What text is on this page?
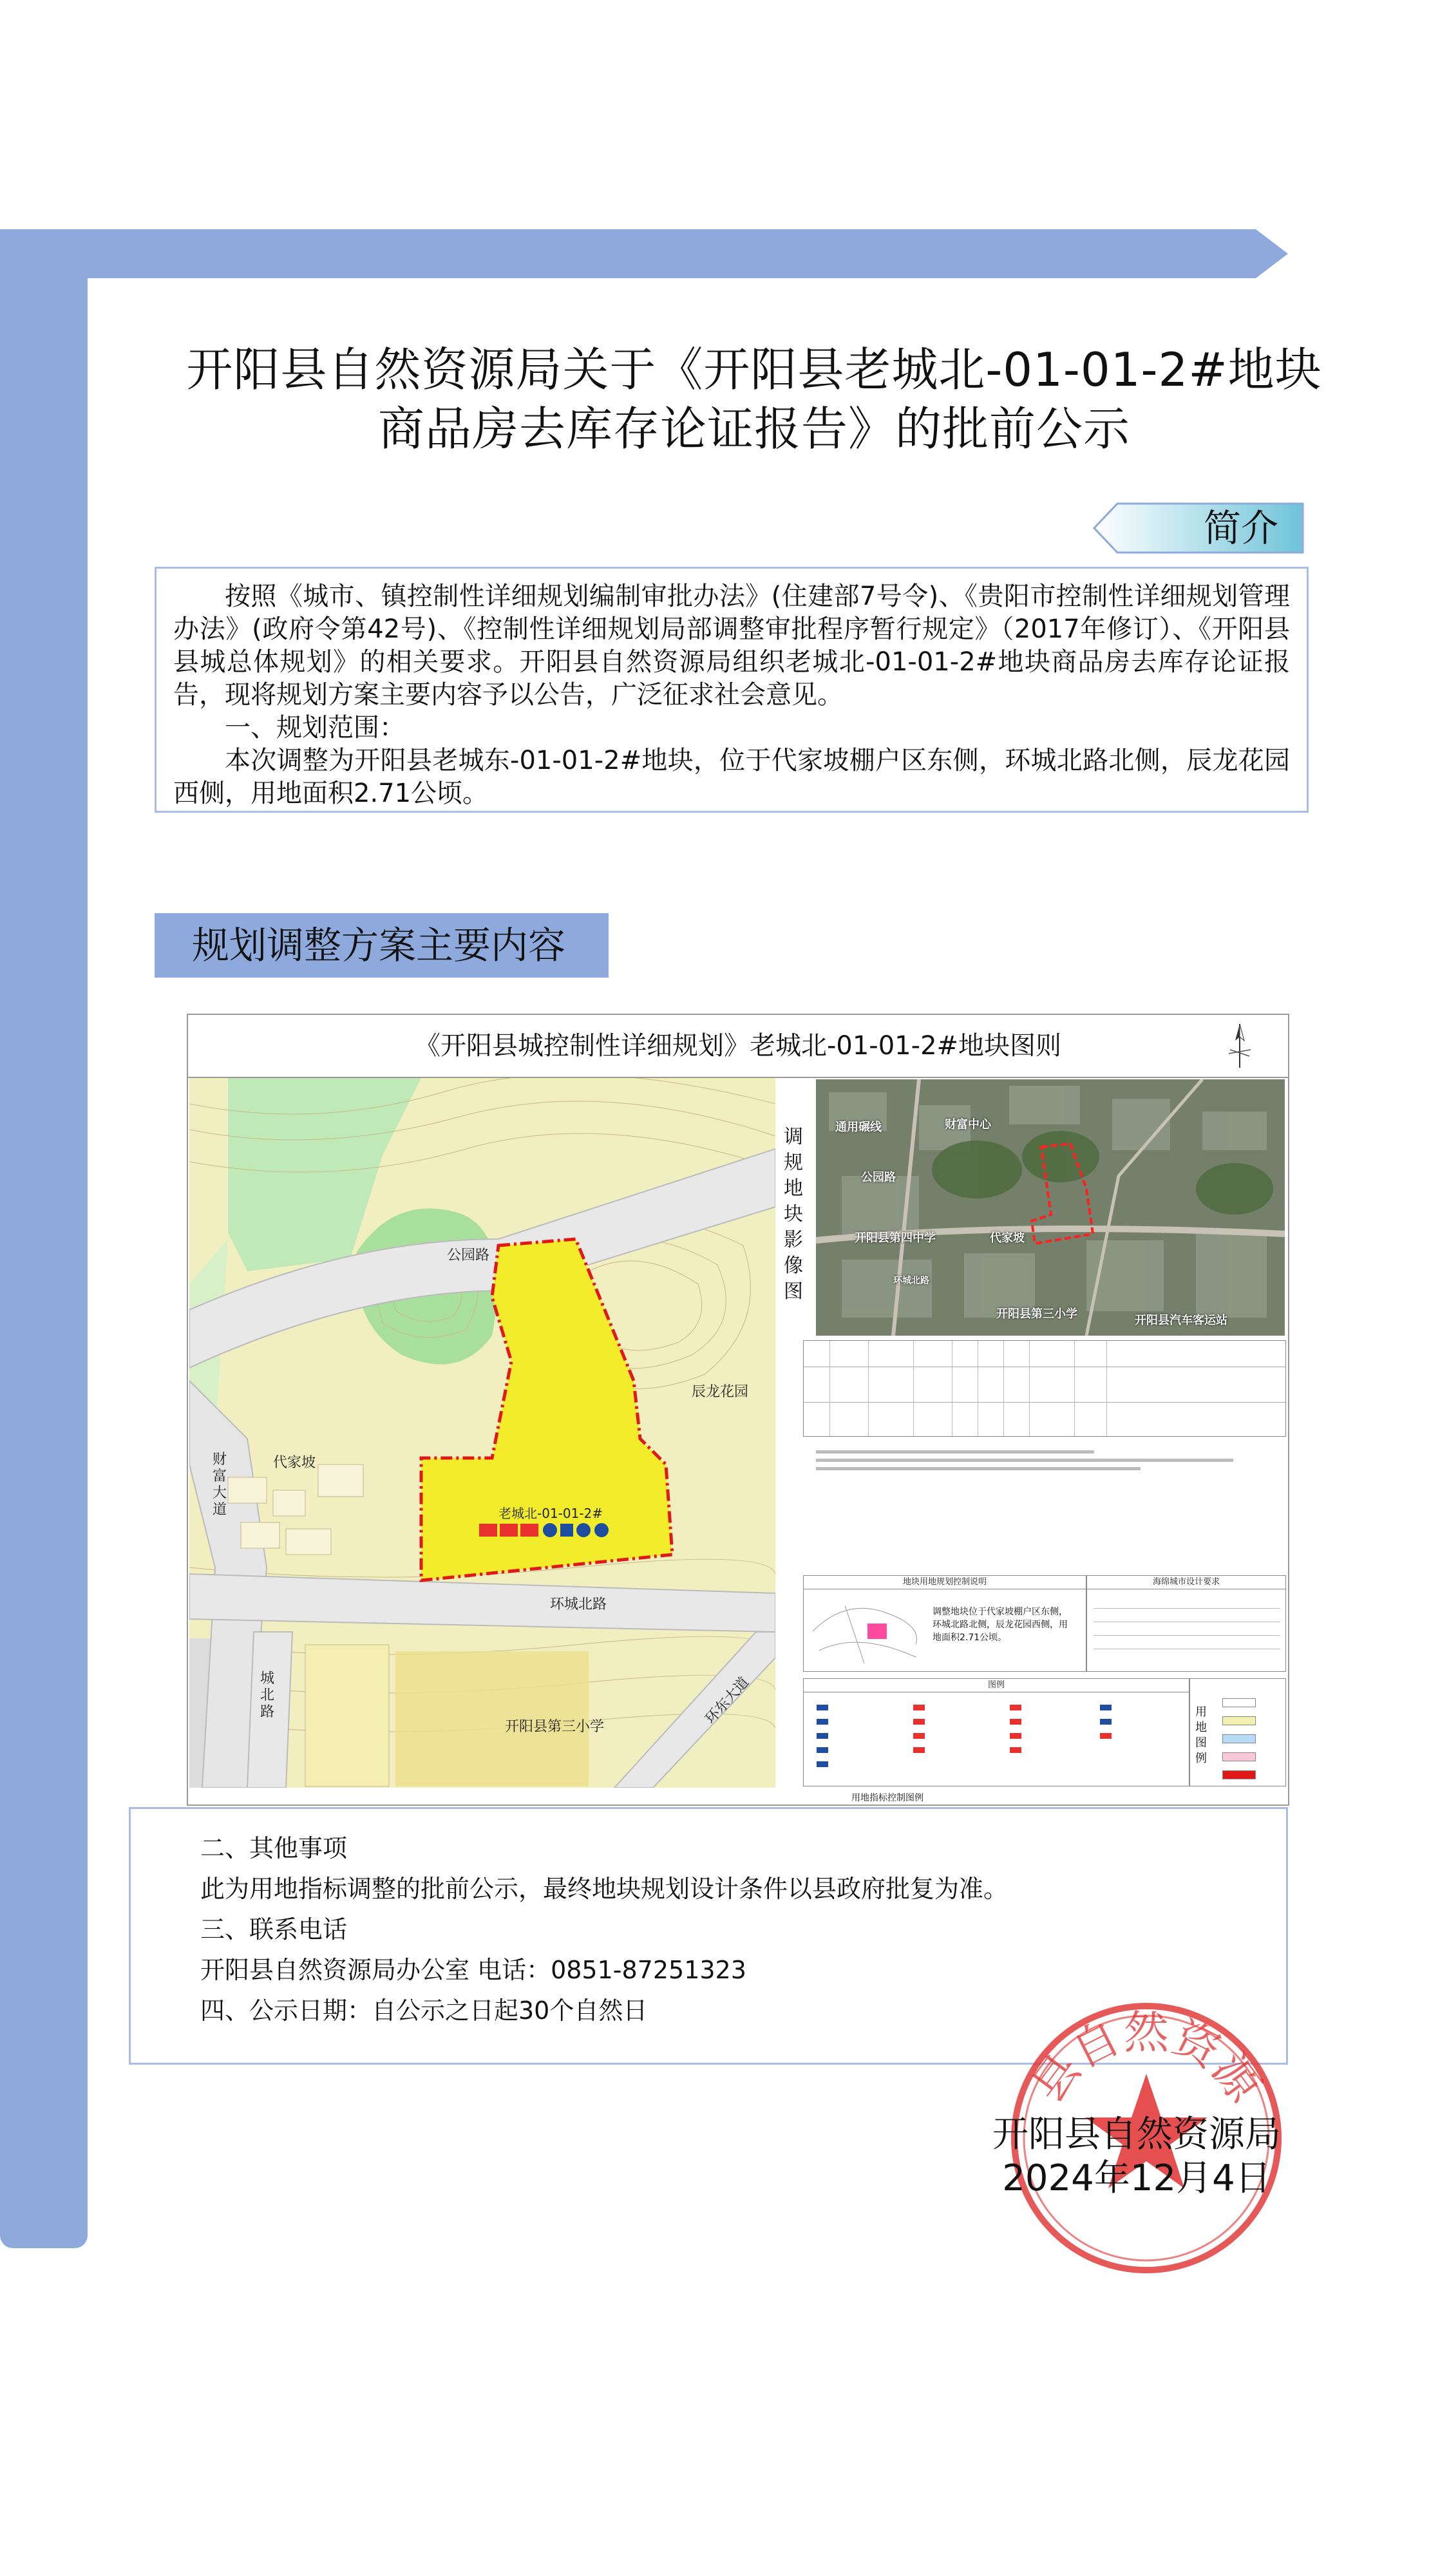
开阳县自然资源局关于《开阳县老城北-01-01-2#地块
商品房去库存论证报告》的批前公示
简介

按照《城市、镇控制性详细规划编制审批办法》(住建部7号令)、《贵阳市控制性详细规划管理办法》(政府令第42号)、《控制性详细规划局部调整审批程序暂行规定》（2017年修订）、《开阳县县城总体规划》的相关要求。开阳县自然资源局组织老城北-01-01-2#地块商品房去库存论证报告，现将规划方案主要内容予以公告，广泛征求社会意见。

一、规划范围：

本次调整为开阳县老城东-01-01-2#地块，位于代家坡棚户区东侧，环城北路北侧，辰龙花园西侧，用地面积2.71公顷。

规划调整方案主要内容
《开阳县城控制性详细规划》老城北-01-01-2#地块图则
公园路
环城北路
财富大道
城北路	环东大道
老城北-01-01-2#
辰龙花园
代家坡
开阳县第三小学
调规地块影像图
通用碾线	财富中心
公园路
开阳县第四中学	代家坡
环城北路
开阳县第三小学	开阳县汽车客运站
地块用地规划控制说明
调整地块位于代家坡棚户区东侧，环城北路北侧，辰龙花园西侧，用地面积2.71公顷。
海绵城市设计要求
图例
用地图例
用地指标控制图例

二、其他事项

此为用地指标调整的批前公示，最终地块规划设计条件以县政府批复为准。

三、联系电话

开阳县自然资源局办公室 电话：0851-87251323

四、公示日期：自公示之日起30个自然日

县自然资源
开阳县自然资源局
2024年12月4日
